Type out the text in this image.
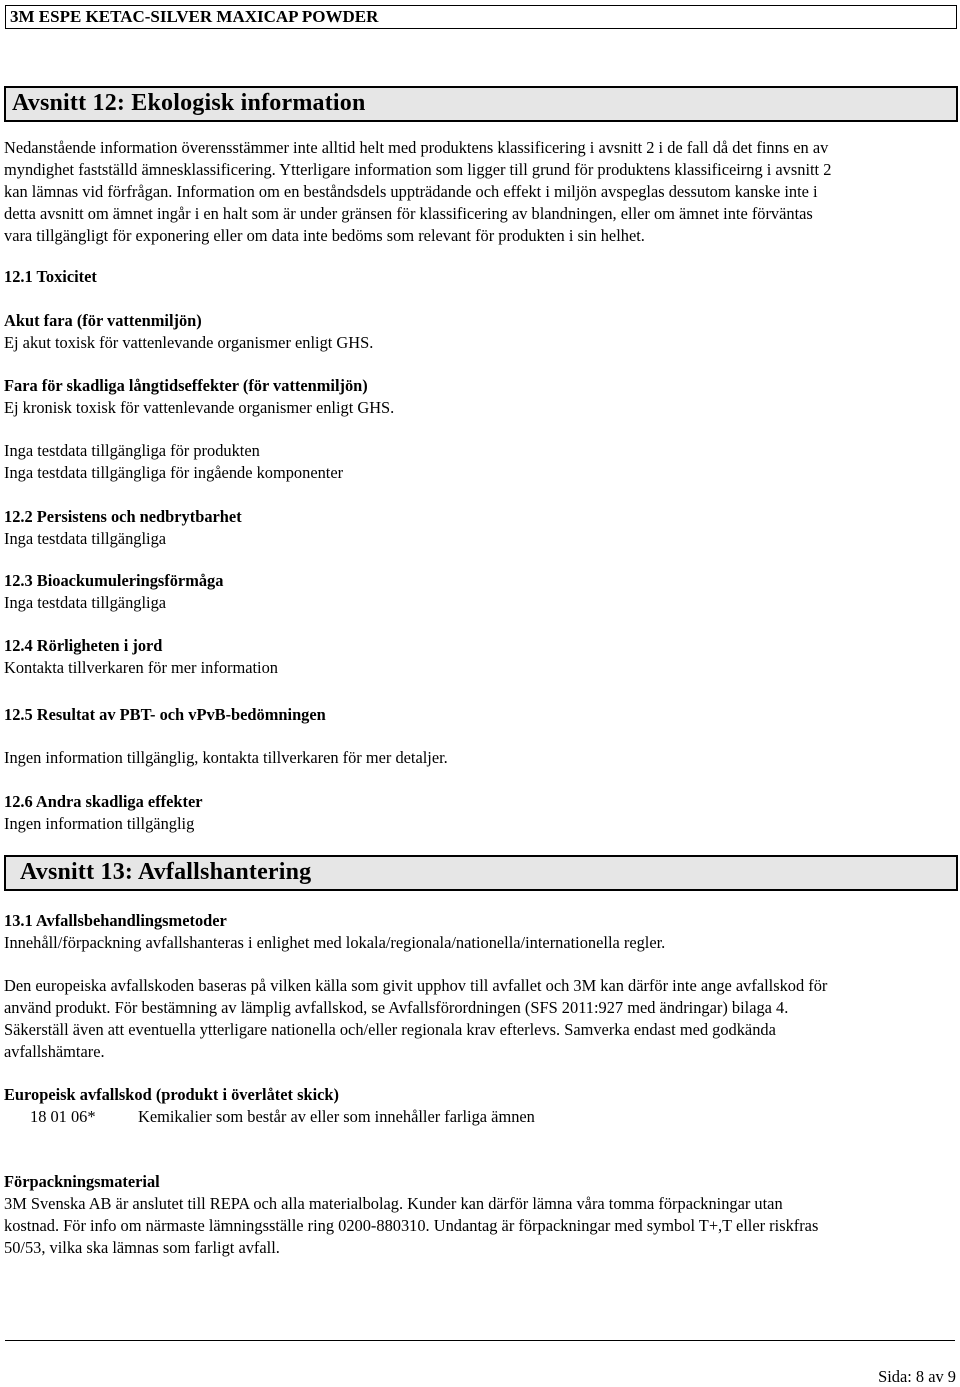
3M ESPE KETAC-SILVER MAXICAP POWDER
Avsnitt 12: Ekologisk information
Nedanstående information överensstämmer inte alltid helt med produktens klassificering i avsnitt 2 i de fall då det finns en av
myndighet fastställd ämnesklassificering. Ytterligare information som ligger till grund för produktens klassificeirng i avsnitt 2
kan lämnas vid förfrågan. Information om en beståndsdels uppträdande och effekt i miljön avspeglas dessutom kanske inte i
detta avsnitt om ämnet ingår i en halt som är under gränsen för klassificering av blandningen, eller om ämnet inte förväntas
vara tillgängligt för exponering eller om data inte bedöms som relevant för produkten i sin helhet.
12.1 Toxicitet
Akut fara (för vattenmiljön)
Ej akut toxisk för vattenlevande organismer enligt GHS.
Fara för skadliga långtidseffekter (för vattenmiljön)
Ej kronisk toxisk för vattenlevande organismer enligt GHS.
Inga testdata tillgängliga för produkten
Inga testdata tillgängliga för ingående komponenter
12.2 Persistens och nedbrytbarhet
Inga testdata tillgängliga
12.3 Bioackumuleringsförmåga
Inga testdata tillgängliga
12.4 Rörligheten i jord
Kontakta tillverkaren för mer information
12.5 Resultat av PBT- och vPvB-bedömningen
Ingen information tillgänglig, kontakta tillverkaren för mer detaljer.
12.6 Andra skadliga effekter
Ingen information tillgänglig
Avsnitt 13: Avfallshantering
13.1 Avfallsbehandlingsmetoder
Innehåll/förpackning avfallshanteras i enlighet med lokala/regionala/nationella/internationella regler.
Den europeiska avfallskoden baseras på vilken källa som givit upphov till avfallet och 3M kan därför inte ange avfallskod för
använd produkt. För bestämning av lämplig avfallskod, se Avfallsförordningen (SFS 2011:927 med ändringar) bilaga 4.
Säkerställ även att eventuella ytterligare nationella och/eller regionala krav efterlevs. Samverka endast med godkända
avfallshämtare.
Europeisk avfallskod (produkt i överlåtet skick)
18 01 06*	Kemikalier som består av eller som innehåller farliga ämnen
Förpackningsmaterial
3M Svenska AB är anslutet till REPA och alla materialbolag. Kunder kan därför lämna våra tomma förpackningar utan
kostnad. För info om närmaste lämningsställe ring 0200-880310. Undantag är förpackningar med symbol T+,T eller riskfras
50/53, vilka ska lämnas som farligt avfall.
Sida: 8 av 9
